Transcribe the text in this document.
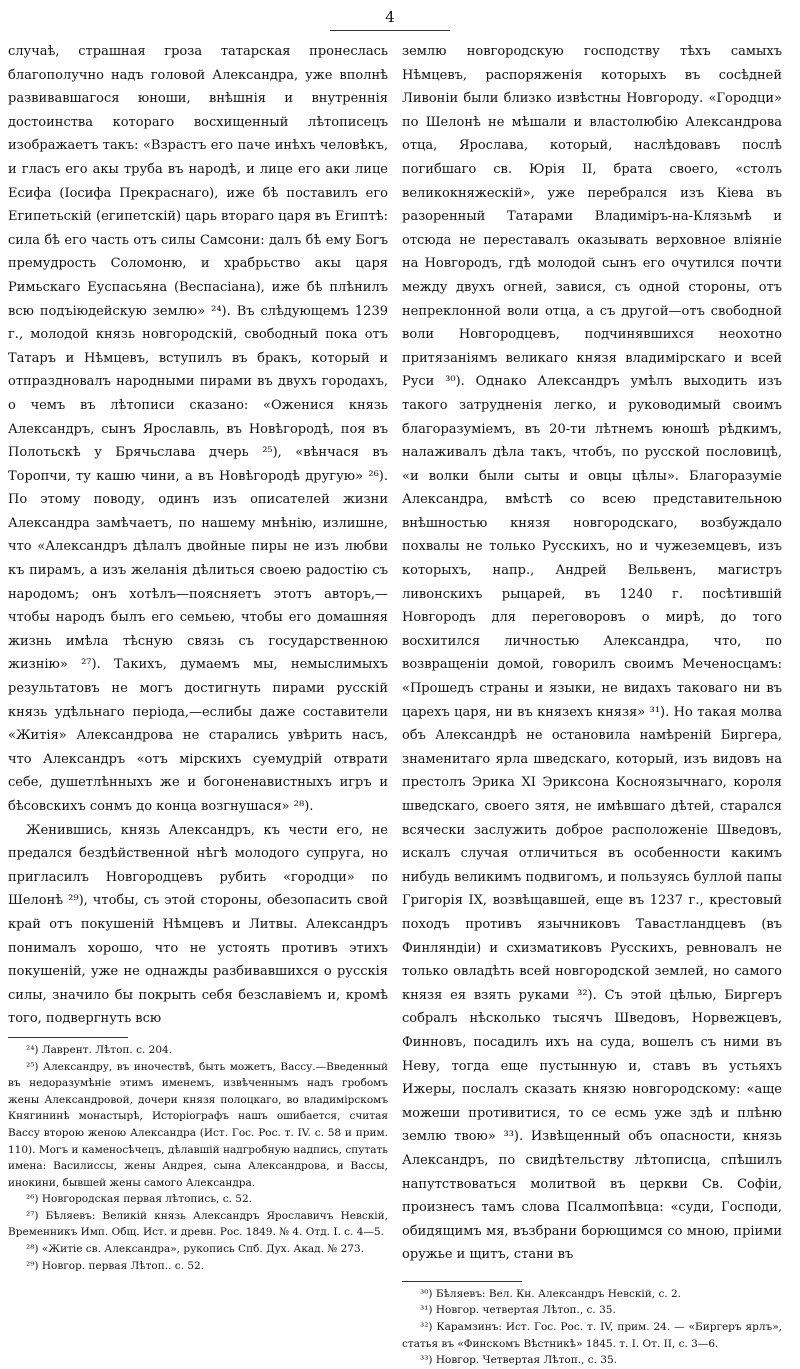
4

случаѣ, страшная гроза татарская пронеслась благополучно надъ головой Александра, уже вполнѣ развивавшагося юноши, внѣшнія и внутреннія достоинства котораго восхищенный лѣтописецъ изображаетъ такъ: «Взрастъ его паче инѣхъ человѣкъ, и гласъ его акы труба въ народѣ, и лице его аки лице Есифа (Іосифа Прекраснаго), иже бѣ поставилъ его Египетьскій (египетскій) царь втораго царя въ Египтѣ: сила бѣ его часть отъ силы Самсони: далъ бѣ ему Богъ премудрость Соломоню, и храбрьство акы царя Римьскаго Еуспасьяна (Веспасіана), иже бѣ плѣнилъ всю подъіюдейскую землю» ²⁴). Въ слѣдующемъ 1239 г., молодой князь новгородскій, свободный пока отъ Татаръ и Нѣмцевъ, вступилъ въ бракъ, который и отпраздновалъ народными пирами въ двухъ городахъ, о чемъ въ лѣтописи сказано: «Оженися князь Александръ, сынъ Ярославль, въ Новѣгородѣ, поя въ Полотьскѣ у Брячьслава дчерь ²⁵), «вѣнчася въ Торопчи, ту кашю чини, а въ Новѣгородѣ другую» ²⁶). По этому поводу, одинъ изъ описателей жизни Александра замѣчаетъ, по нашему мнѣнію, излишне, что «Александръ дѣлалъ двойные пиры не изъ любви къ пирамъ, а изъ желанія дѣлиться своею радостію съ народомъ; онъ хотѣлъ—поясняетъ этотъ авторъ,—чтобы народъ былъ его семьею, чтобы его домашняя жизнь имѣла тѣсную связь съ государственною жизнію» ²⁷). Такихъ, думаемъ мы, немыслимыхъ результатовъ не могъ достигнуть пирами русскій князь удѣльнаго періода,—еслибы даже составители «Житія» Александрова не старались увѣрить насъ, что Александръ «отъ мірскихъ суемудрій отврати себе, душетлѣнныхъ же и богоненавистныхъ игръ и бѣсовскихъ сонмъ до конца возгнушася» ²⁸).

Женившись, князь Александръ, къ чести его, не предался бездѣйственной нѣгѣ молодого супруга, но пригласилъ Новгородцевъ рубить «городци» по Шелонѣ ²⁹), чтобы, съ этой стороны, обезопасить свой край отъ покушеній Нѣмцевъ и Литвы. Александръ понималъ хорошо, что не устоять противъ этихъ покушеній, уже не однажды разбивавшихся о русскія силы, значило бы покрыть себя безславіемъ и, кромѣ того, подвергнуть всю

²⁴) Лаврент. Лѣтоп. с. 204.
²⁵) Александру, въ иночествѣ, быть можетъ, Вассу.—Введенный въ недоразумѣніе этимъ именемъ, извѣченнымъ надъ гробомъ жены Александровой, дочери князя полоцкаго, во владимірскомъ Княгининѣ монастырѣ, Исторіографъ нашъ ошибается, считая Вассу второю женою Александра (Ист. Гос. Рос. т. IV. с. 58 и прим. 110). Могъ и каменосѣчецъ, дѣлавшій надгробную надпись, спутать имена: Василиссы, жены Андрея, сына Александрова, и Вассы, инокини, бывшей жены самого Александра.
²⁶) Новгородская первая лѣтопись, с. 52.
²⁷) Бѣляевъ: Великій князь Александръ Ярославичъ Невскій, Временникъ Имп. Общ. Ист. и древн. Рос. 1849. № 4. Отд. I. с. 4—5.
²⁸) «Житіе св. Александра», рукопись Спб. Дух. Акад. № 273.
²⁹) Новгор. первая Лѣтоп.. с. 52.

землю новгородскую господству тѣхъ самыхъ Нѣмцевъ, распоряженія которыхъ въ сосѣдней Ливоніи были близко извѣстны Новгороду. «Городци» по Шелонѣ не мѣшали и властолюбію Александрова отца, Ярослава, который, наслѣдовавъ послѣ погибшаго св. Юрія II, брата своего, «столъ великокняжескій», уже перебрался изъ Кіева въ разоренный Татарами Владиміръ-на-Клязьмѣ и отсюда не переставалъ оказывать верховное вліяніе на Новгородъ, гдѣ молодой сынъ его очутился почти между двухъ огней, завися, съ одной стороны, отъ непреклонной воли отца, а съ другой—отъ свободной воли Новгородцевъ, подчинявшихся неохотно притязаніямъ великаго князя владимірскаго и всей Руси ³⁰). Однако Александръ умѣлъ выходить изъ такого затрудненія легко, и руководимый своимъ благоразуміемъ, въ 20-ти лѣтнемъ юношѣ рѣдкимъ, налаживалъ дѣла такъ, чтобъ, по русской пословицѣ, «и волки были сыты и овцы цѣлы». Благоразуміе Александра, вмѣстѣ со всею представительною внѣшностью князя новгородскаго, возбуждало похвалы не только Русскихъ, но и чужеземцевъ, изъ которыхъ, напр., Андрей Вельвенъ, магистръ ливонскихъ рыцарей, въ 1240 г. посѣтившій Новгородъ для переговоровъ о мирѣ, до того восхитился личностью Александра, что, по возвращеніи домой, говорилъ своимъ Меченосцамъ: «Прошедъ страны и языки, не видахъ таковаго ни въ царехъ царя, ни въ князехъ князя» ³¹). Но такая молва объ Александрѣ не остановила намѣреній Биргера, знаменитаго ярла шведскаго, который, изъ видовъ на престолъ Эрика XI Эриксона Косноязычнаго, короля шведскаго, своего зятя, не имѣвшаго дѣтей, старался всячески заслужить доброе расположеніе Шведовъ, искалъ случая отличиться въ особенности какимъ нибудь великимъ подвигомъ, и пользуясь буллой папы Григорія IX, возвѣщавшей, еще въ 1237 г., крестовый походъ противъ язычниковъ Тавастландцевъ (въ Финляндіи) и схизматиковъ Русскихъ, ревновалъ не только овладѣть всей новгородской землей, но самого князя ея взять руками ³²). Съ этой цѣлью, Биргеръ собралъ нѣсколько тысячъ Шведовъ, Норвежцевъ, Финновъ, посадилъ ихъ на суда, вошелъ съ ними въ Неву, тогда еще пустынную и, ставъ въ устьяхъ Ижеры, послалъ сказать князю новгородскому: «аще можеши противитися, то се есмь уже здѣ и плѣню землю твою» ³³). Извѣщенный объ опасности, князь Александръ, по свидѣтельству лѣтописца, спѣшилъ напутствоваться молитвой въ церкви Св. Софіи, произнесъ тамъ слова Псалмопѣвца: «суди, Господи, обидящимъ мя, възбрани борющимся со мною, пріими оружье и щитъ, стани въ

³⁰) Бѣляевъ: Вел. Кн. Александръ Невскій, с. 2.
³¹) Новгор. четвертая Лѣтоп., с. 35.
³²) Карамзинъ: Ист. Гос. Рос. т. IV, прим. 24. — «Биргеръ ярлъ», статья въ «Финскомъ Вѣстникѣ» 1845. т. I. От. II, с. 3—6.
³³) Новгор. Четвертая Лѣтоп., с. 35.
